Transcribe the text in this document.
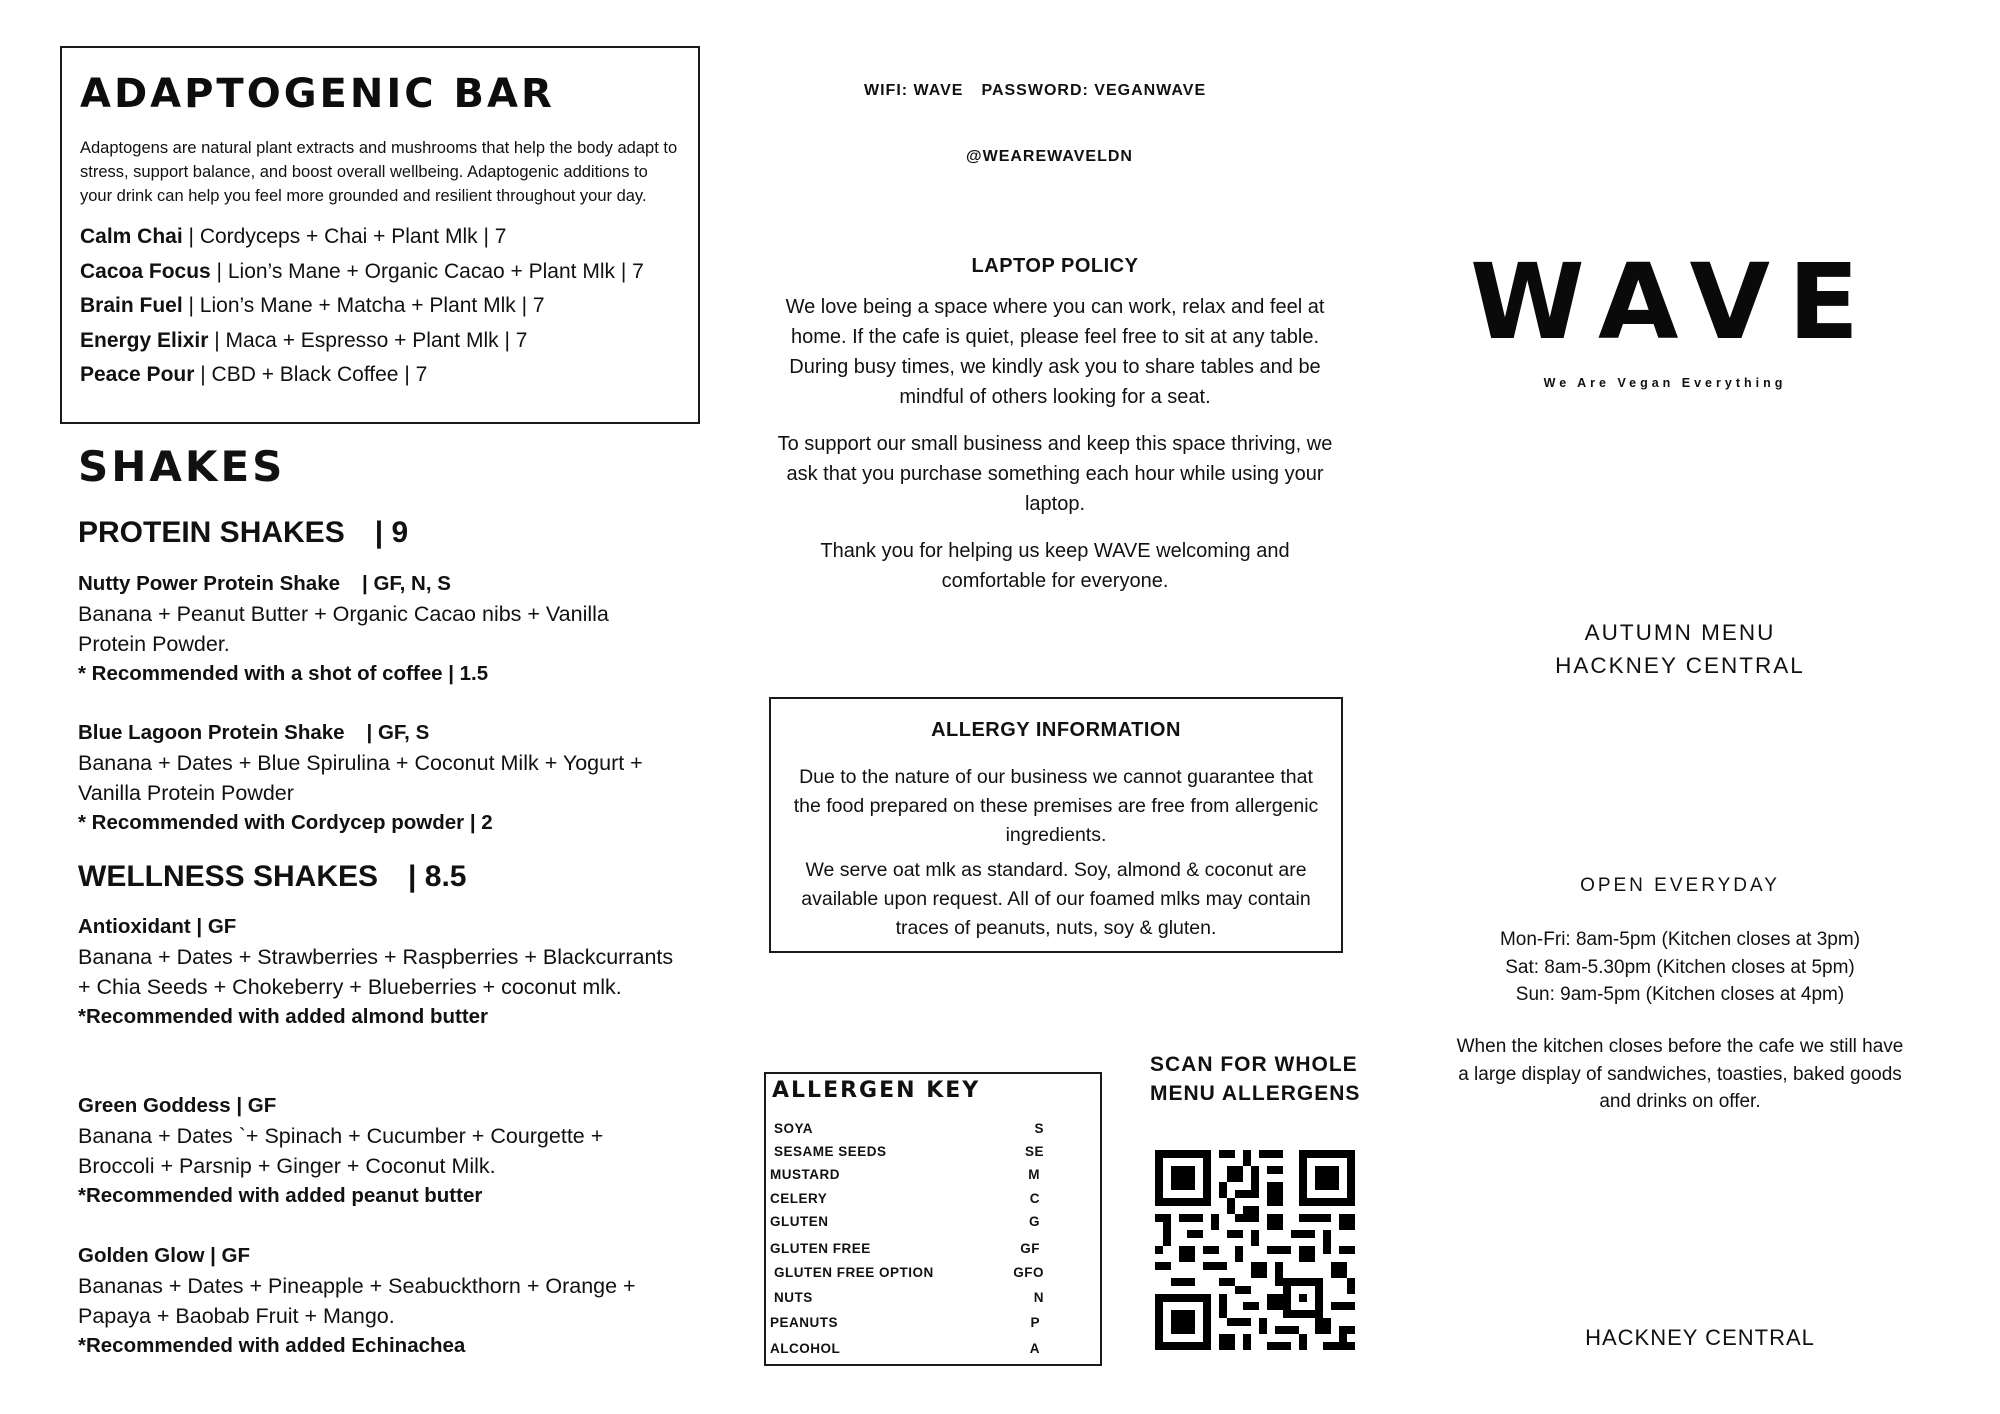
ADAPTOGENIC BAR

Adaptogens are natural plant extracts and mushrooms that help the body adapt to stress, support balance, and boost overall wellbeing. Adaptogenic additions to your drink can help you feel more grounded and resilient throughout your day.

Calm Chai | Cordyceps + Chai + Plant Mlk | 7
Cacoa Focus | Lion’s Mane + Organic Cacao + Plant Mlk | 7
Brain Fuel | Lion’s Mane + Matcha + Plant Mlk | 7
Energy Elixir | Maca + Espresso + Plant Mlk | 7
Peace Pour | CBD + Black Coffee | 7
SHAKES
PROTEIN SHAKES | 9
Nutty Power Protein Shake | GF, N, S
Banana + Peanut Butter + Organic Cacao nibs + Vanilla Protein Powder.
* Recommended with a shot of coffee | 1.5
Blue Lagoon Protein Shake | GF, S
Banana + Dates + Blue Spirulina + Coconut Milk + Yogurt + Vanilla Protein Powder
* Recommended with Cordycep powder | 2
WELLNESS SHAKES | 8.5
Antioxidant | GF
Banana + Dates + Strawberries + Raspberries + Blackcurrants + Chia Seeds + Chokeberry + Blueberries + coconut mlk.
*Recommended with added almond butter
Green Goddess | GF
Banana + Dates `+ Spinach + Cucumber + Courgette + Broccoli + Parsnip + Ginger + Coconut Milk.
*Recommended with added peanut butter
Golden Glow | GF
Bananas + Dates + Pineapple + Seabuckthorn + Orange + Papaya + Baobab Fruit + Mango.
*Recommended with added Echinachea
WIFI: WAVE PASSWORD: VEGANWAVE
@WEAREWAVELDN
LAPTOP POLICY

We love being a space where you can work, relax and feel at home. If the cafe is quiet, please feel free to sit at any table. During busy times, we kindly ask you to share tables and be mindful of others looking for a seat.

To support our small business and keep this space thriving, we ask that you purchase something each hour while using your laptop.

Thank you for helping us keep WAVE welcoming and comfortable for everyone.

ALLERGY INFORMATION

Due to the nature of our business we cannot guarantee that the food prepared on these premises are free from allergenic ingredients.

We serve oat mlk as standard. Soy, almond & coconut are available upon request. All of our foamed mlks may contain traces of peanuts, nuts, soy & gluten.

ALLERGEN KEY
SOYA	S
SESAME SEEDS	SE
MUSTARD	M
CELERY	C
GLUTEN	G
GLUTEN FREE	GF
GLUTEN FREE OPTION	GFO
NUTS	N
PEANUTS	P
ALCOHOL	A
SCAN FOR WHOLE
MENU ALLERGENS
WAVE
We Are Vegan Everything
AUTUMN MENU
HACKNEY CENTRAL
OPEN EVERYDAY
Mon-Fri: 8am-5pm (Kitchen closes at 3pm)
Sat: 8am-5.30pm (Kitchen closes at 5pm)
Sun: 9am-5pm (Kitchen closes at 4pm)
When the kitchen closes before the cafe we still have a large display of sandwiches, toasties, baked goods and drinks on offer.
HACKNEY CENTRAL
